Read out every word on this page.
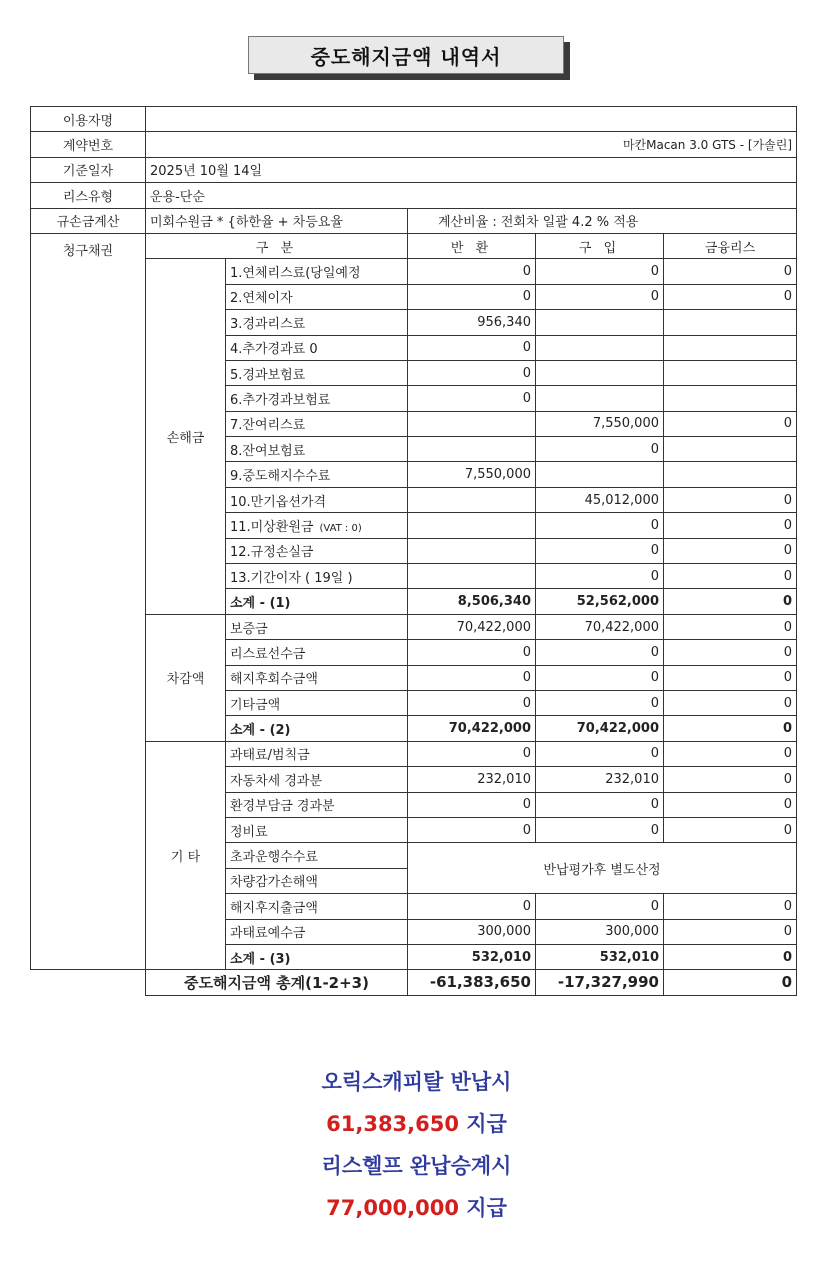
중도해지금액 내역서
이용자명					
계약번호	마칸Macan 3.0 GTS - [가솔린]				
기준일자	2025년 10월 14일				
리스유형	운용-단순				
규손금계산	미회수원금 * {하한율 + 차등요율		계산비율 : 전회차 일괄 4.2 % 적용		
청구채권	구 분		반 환	구 입	금융리스
	손해금	1.연체리스료(당일예정	0	0	0
		2.연체이자	0	0	0
		3.경과리스료	956,340		
		4.추가경과료 0	0		
		5.경과보험료	0		
		6.추가경과보험료	0		
		7.잔여리스료		7,550,000	0
		8.잔여보험료		0	
		9.중도해지수수료	7,550,000		
		10.만기옵션가격		45,012,000	0
		11.미상환원금 (VAT : 0)		0	0
		12.규정손실금		0	0
		13.기간이자 ( 19일 )		0	0
		소계 - (1)	8,506,340	52,562,000	0
	차감액	보증금	70,422,000	70,422,000	0
		리스료선수금	0	0	0
		해지후회수금액	0	0	0
		기타금액	0	0	0
		소계 - (2)	70,422,000	70,422,000	0
	기 타	과태료/범칙금	0	0	0
		자동차세 경과분	232,010	232,010	0
		환경부담금 경과분	0	0	0
		정비료	0	0	0
		초과운행수수료	반납평가후 별도산정		
		차량감가손해액			
		해지후지출금액	0	0	0
		과태료예수금	300,000	300,000	0
		소계 - (3)	532,010	532,010	0
	중도해지금액 총계(1-2+3)		-61,383,650	-17,327,990	0
오릭스캐피탈 반납시
61,383,650 지급
리스헬프 완납승계시
77,000,000 지급
